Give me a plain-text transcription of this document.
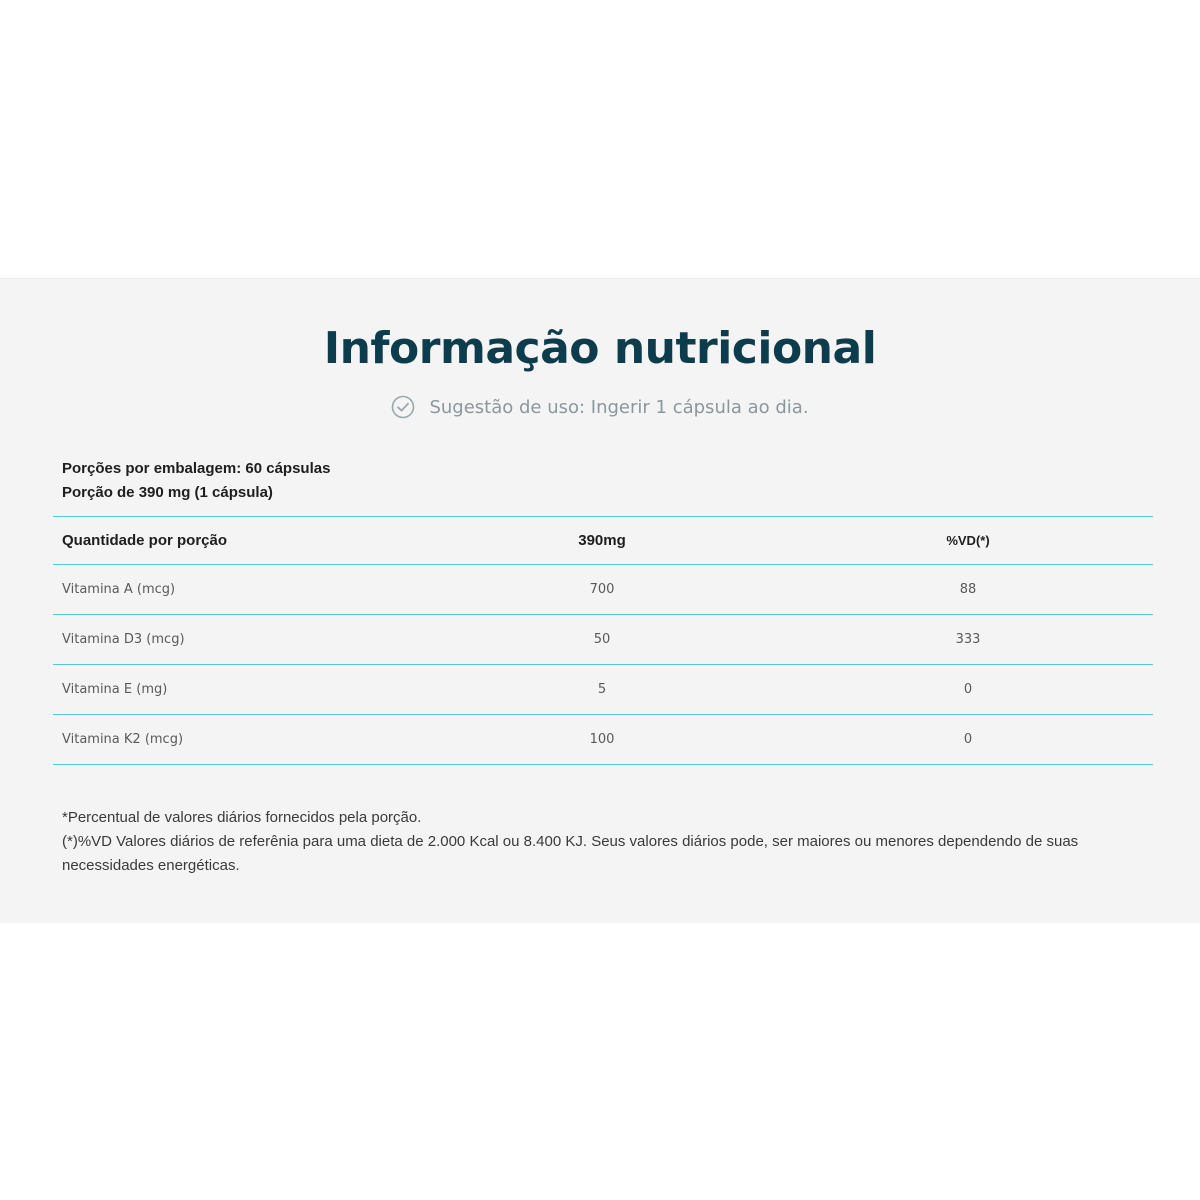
Informação nutricional
Sugestão de uso: Ingerir 1 cápsula ao dia.
Porções por embalagem: 60 cápsulas
Porção de 390 mg (1 cápsula)
Quantidade por porção	390mg	%VD(*)
Vitamina A (mcg)	700	88
Vitamina D3 (mcg)	50	333
Vitamina E (mg)	5	0
Vitamina K2 (mcg)	100	0
*Percentual de valores diários fornecidos pela porção.
(*)%VD Valores diários de referênia para uma dieta de 2.000 Kcal ou 8.400 KJ. Seus valores diários pode, ser maiores ou menores dependendo de suas necessidades energéticas.
